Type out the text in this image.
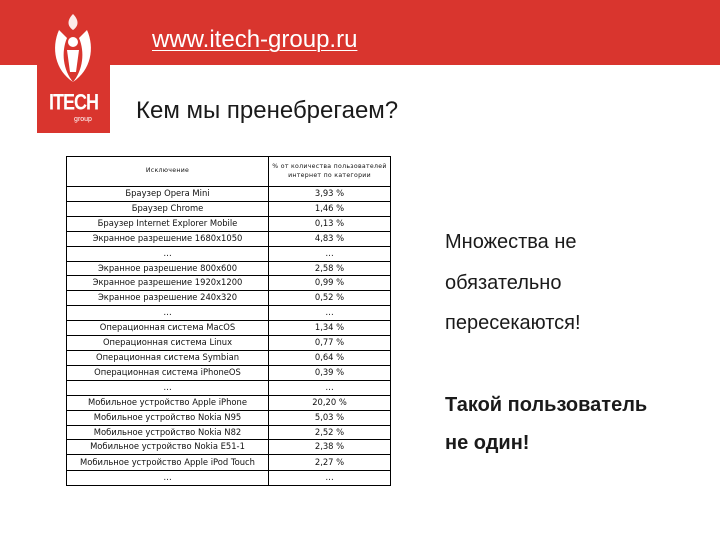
ITECH
group
www.itech-group.ru
Кем мы пренебрегаем?
Исключение	% от количества пользователей интернет по категории
Браузер Opera Mini	3,93 %
Браузер Chrome	1,46 %
Браузер Internet Explorer Mobile	0,13 %
Экранное разрешение 1680x1050	4,83 %
…	…
Экранное разрешение 800x600	2,58 %
Экранное разрешение 1920x1200	0,99 %
Экранное разрешение 240x320	0,52 %
…	…
Операционная система MacOS	1,34 %
Операционная система Linux	0,77 %
Операционная система Symbian	0,64 %
Операционная система iPhoneOS	0,39 %
…	…
Мобильное устройство Apple iPhone	20,20 %
Мобильное устройство Nokia N95	5,03 %
Мобильное устройство Nokia N82	2,52 %
Мобильное устройство Nokia E51-1	2,38 %
Мобильное устройство Apple iPod Touch	2,27 %
…	…
Множества не
обязательно
пересекаются!
Такой пользователь
не один!
